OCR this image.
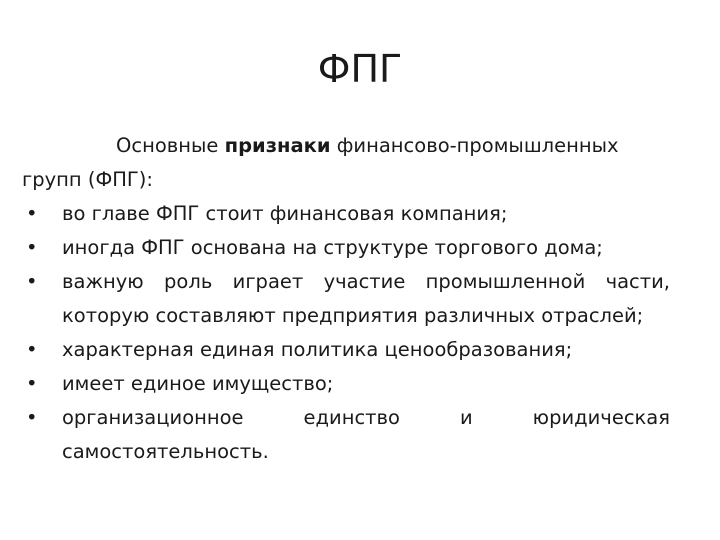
ФПГ

Основные признаки финансово-промышленных групп (ФПГ):

•	во главе ФПГ стоит финансовая компания;
•	иногда ФПГ основана на структуре торгового дома;
•	важную роль играет участие промышленной части, которую составляют предприятия различных отраслей;
•	характерная единая политика ценообразования;
•	имеет единое имущество;
•	организационное единство и юридическая самостоятельность.
